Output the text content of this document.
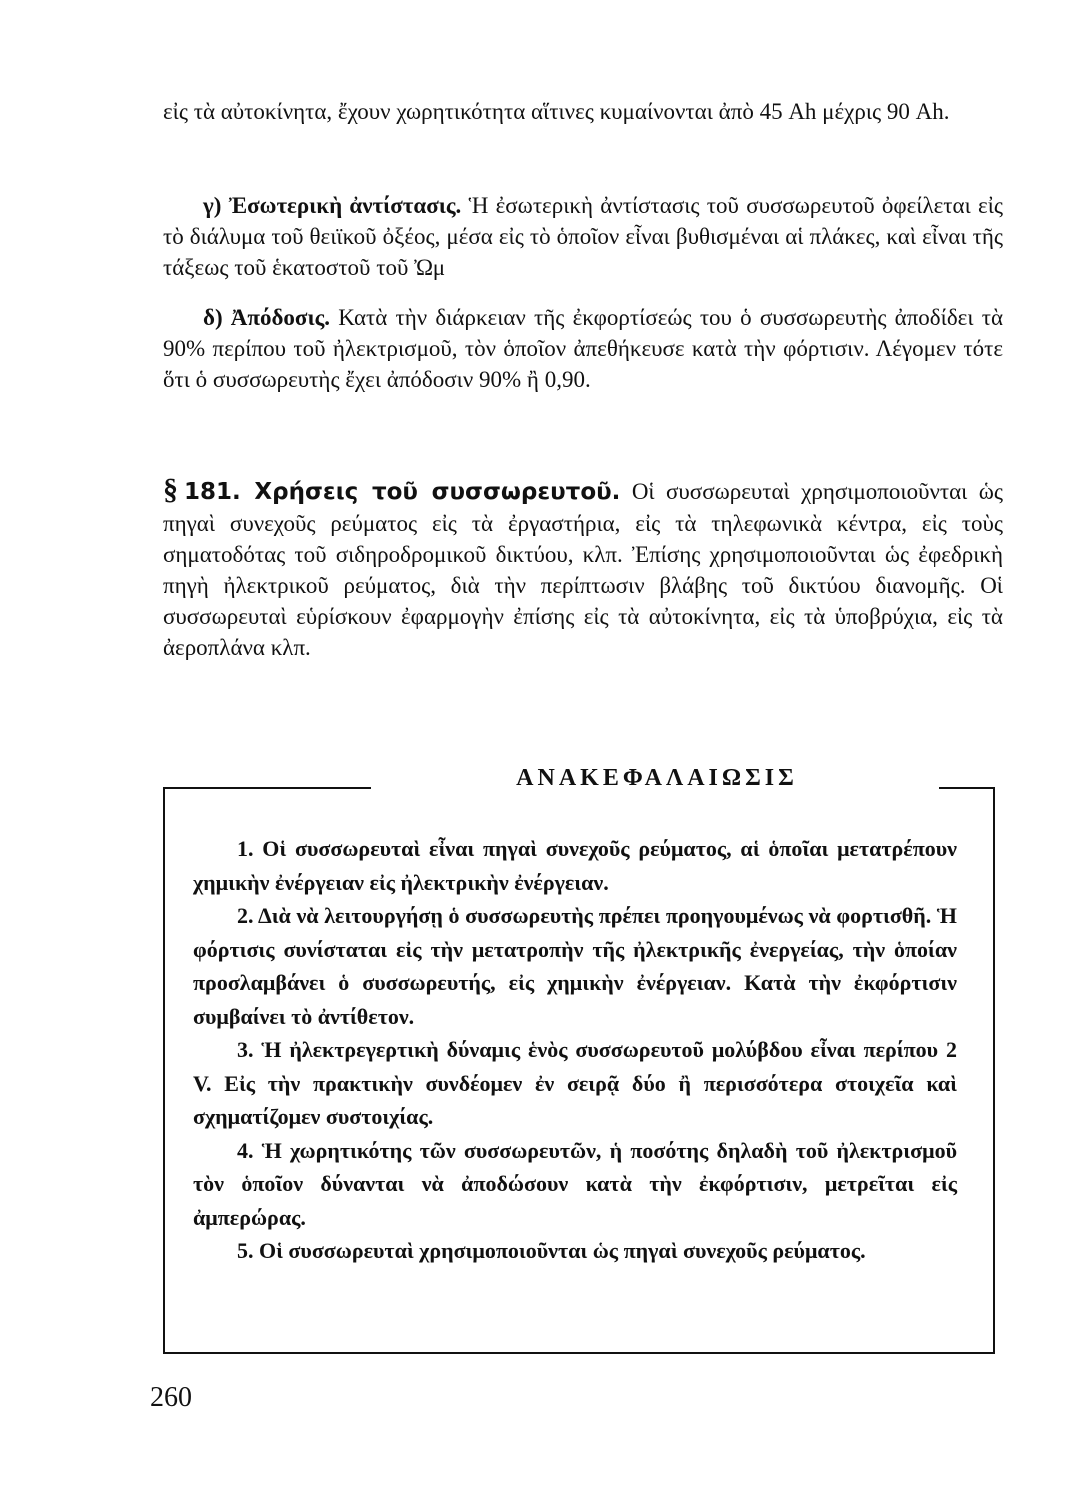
εἰς τὰ αὐτοκίνητα, ἔχουν χωρητικότητα αἵτινες κυμαίνονται ἀπὸ 45 Ah μέχρις 90 Ah.

γ) Ἐσωτερικὴ ἀντίστασις. Ἡ ἐσωτερικὴ ἀντίστασις τοῦ συσσωρευτοῦ ὀφείλεται εἰς τὸ διάλυμα τοῦ θειϊκοῦ ὀξέος, μέσα εἰς τὸ ὁποῖον εἶναι βυθισμέναι αἱ πλάκες, καὶ εἶναι τῆς τάξεως τοῦ ἑκατοστοῦ τοῦ Ὠμ

δ) Ἀπόδοσις. Κατὰ τὴν διάρκειαν τῆς ἐκφορτίσεώς του ὁ συσσωρευτὴς ἀποδίδει τὰ 90% περίπου τοῦ ἠλεκτρισμοῦ, τὸν ὁποῖον ἀπεθήκευσε κατὰ τὴν φόρτισιν. Λέγομεν τότε ὅτι ὁ συσσωρευτὴς ἔχει ἀπόδοσιν 90% ἢ 0,90.

§ 181. Χρήσεις τοῦ συσσωρευτοῦ. Οἱ συσσωρευταὶ χρησιμοποιοῦνται ὡς πηγαὶ συνεχοῦς ρεύματος εἰς τὰ ἐργαστήρια, εἰς τὰ τηλεφωνικὰ κέντρα, εἰς τοὺς σηματοδότας τοῦ σιδηροδρομικοῦ δικτύου, κλπ. Ἐπίσης χρησιμοποιοῦνται ὡς ἐφεδρικὴ πηγὴ ἠλεκτρικοῦ ρεύματος, διὰ τὴν περίπτωσιν βλάβης τοῦ δικτύου διανομῆς. Οἱ συσσωρευταὶ εὑρίσκουν ἐφαρμογὴν ἐπίσης εἰς τὰ αὐτοκίνητα, εἰς τὰ ὑποβρύχια, εἰς τὰ ἀεροπλάνα κλπ.

ΑΝΑΚΕΦΑΛΑΙΩΣΙΣ

1. Οἱ συσσωρευταὶ εἶναι πηγαὶ συνεχοῦς ρεύματος, αἱ ὁποῖαι μετατρέπουν χημικὴν ἐνέργειαν εἰς ἠλεκτρικὴν ἐνέργειαν.

2. Διὰ νὰ λειτουργήσῃ ὁ συσσωρευτὴς πρέπει προηγουμένως νὰ φορτισθῆ. Ἡ φόρτισις συνίσταται εἰς τὴν μετατροπὴν τῆς ἠλεκτρικῆς ἐνεργείας, τὴν ὁποίαν προσλαμβάνει ὁ συσσωρευτής, εἰς χημικὴν ἐνέργειαν. Κατὰ τὴν ἐκφόρτισιν συμβαίνει τὸ ἀντίθετον.

3. Ἡ ἠλεκτρεγερτικὴ δύναμις ἑνὸς συσσωρευτοῦ μολύβδου εἶναι περίπου 2 V. Εἰς τὴν πρακτικὴν συνδέομεν ἐν σειρᾷ δύο ἢ περισσότερα στοιχεῖα καὶ σχηματίζομεν συστοιχίας.

4. Ἡ χωρητικότης τῶν συσσωρευτῶν, ἡ ποσότης δηλαδὴ τοῦ ἠλεκτρισμοῦ τὸν ὁποῖον δύνανται νὰ ἀποδώσουν κατὰ τὴν ἐκφόρτισιν, μετρεῖται εἰς ἀμπερώρας.

5. Οἱ συσσωρευταὶ χρησιμοποιοῦνται ὡς πηγαὶ συνεχοῦς ρεύματος.

260
